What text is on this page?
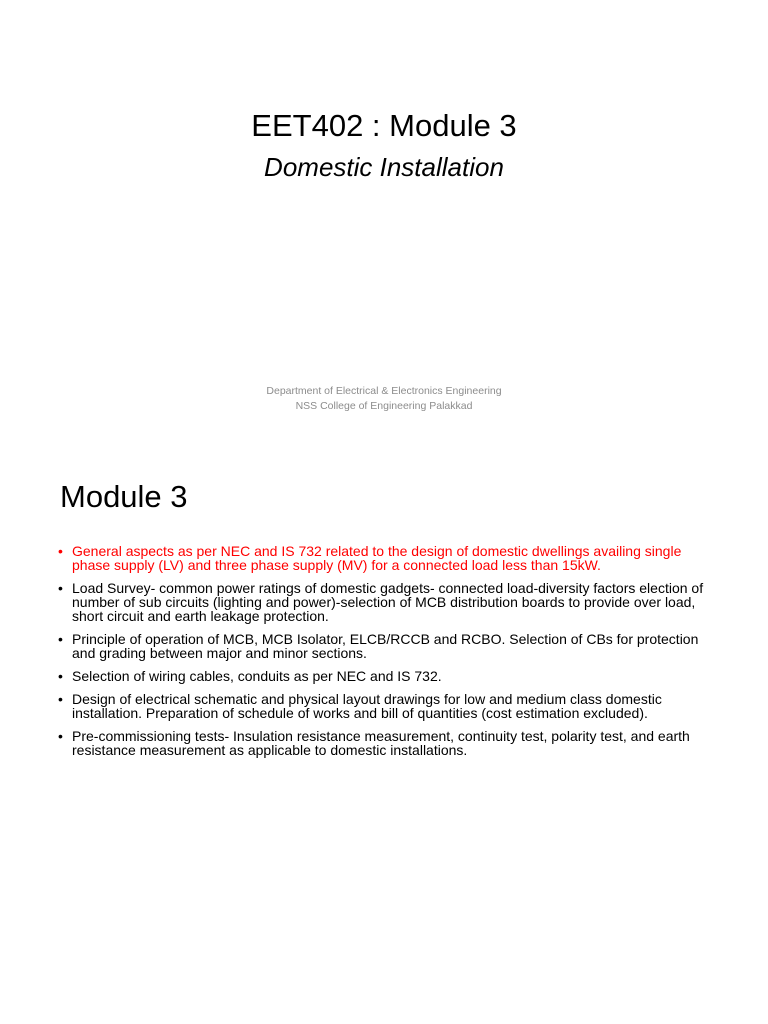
EET402 : Module 3
Domestic Installation
Department of Electrical & Electronics Engineering
NSS College of Engineering Palakkad
Module 3
• General aspects as per NEC and IS 732 related to the design of domestic dwellings availing single phase supply (LV) and three phase supply (MV) for a connected load less than 15kW.
• Load Survey- common power ratings of domestic gadgets- connected load-diversity factors election of number of sub circuits (lighting and power)-selection of MCB distribution boards to provide over load, short circuit and earth leakage protection.
• Principle of operation of MCB, MCB Isolator, ELCB/RCCB and RCBO. Selection of CBs for protection and grading between major and minor sections.
• Selection of wiring cables, conduits as per NEC and IS 732.
• Design of electrical schematic and physical layout drawings for low and medium class domestic installation. Preparation of schedule of works and bill of quantities (cost estimation excluded).
• Pre-commissioning tests- Insulation resistance measurement, continuity test, polarity test, and earth resistance measurement as applicable to domestic installations.
